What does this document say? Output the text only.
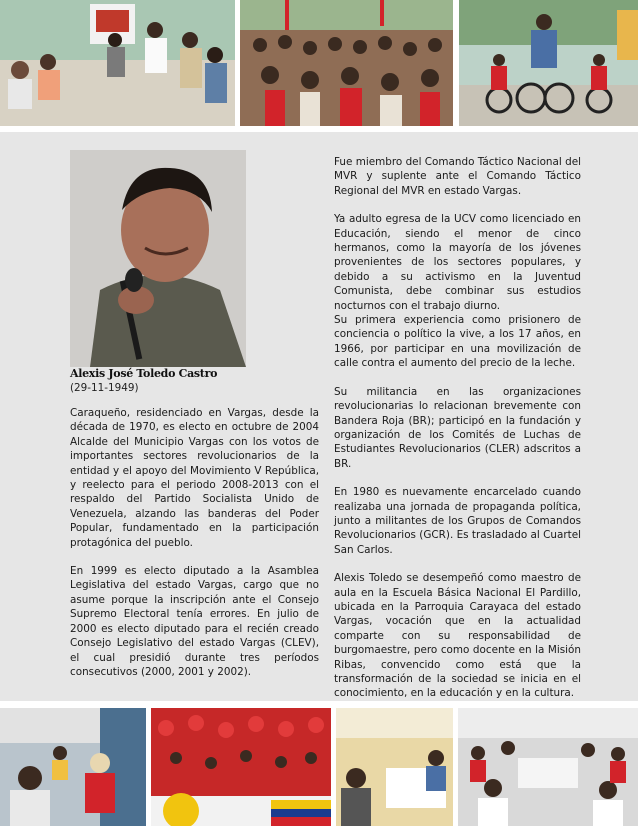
Alexis José Toledo Castro
(29-11-1949)

Caraqueño, residenciado en Vargas, desde la década de 1970, es electo en octubre de 2004 Alcalde del Municipio Vargas con los votos de importantes sectores revolucionarios de la entidad y el apoyo del Movimiento V República, y reelecto para el periodo 2008-2013 con el respaldo del Partido Socialista Unido de Venezuela, alzando las banderas del Poder Popular, fundamentado en la participación protagónica del pueblo.

En 1999 es electo diputado a la Asamblea Legislativa del estado Vargas, cargo que no asume porque la inscripción ante el Consejo Supremo Electoral tenía errores. En julio de 2000 es electo diputado para el recién creado Consejo Legislativo del estado Vargas (CLEV), el cual presidió durante tres períodos consecutivos (2000, 2001 y 2002).

Fue miembro del Comando Táctico Nacional del MVR y suplente ante el Comando Táctico Regional del MVR en estado Vargas.

Ya adulto egresa de la UCV como licenciado en Educación, siendo el menor de cinco hermanos, como la mayoría de los jóvenes provenientes de los sectores populares, y debido a su activismo en la Juventud Comunista, debe combinar sus estudios nocturnos con el trabajo diurno.

Su primera experiencia como prisionero de conciencia o político la vive, a los 17 años, en 1966, por participar en una movilización de calle contra el aumento del precio de la leche.

Su militancia en las organizaciones revolucionarias lo relacionan brevemente con Bandera Roja (BR); participó en la fundación y organización de los Comités de Luchas de Estudiantes Revolucionarios (CLER) adscritos a BR.

En 1980 es nuevamente encarcelado cuando realizaba una jornada de propaganda política, junto a militantes de los Grupos de Comandos Revolucionarios (GCR). Es trasladado al Cuartel San Carlos.

Alexis Toledo se desempeñó como maestro de aula en la Escuela Básica Nacional El Pardillo, ubicada en la Parroquia Carayaca del estado Vargas, vocación que en la actualidad comparte con su responsabilidad de burgomaestre, pero como docente en la Misión Ribas, convencido como está que la transformación de la sociedad se inicia en el conocimiento, en la educación y en la cultura.
